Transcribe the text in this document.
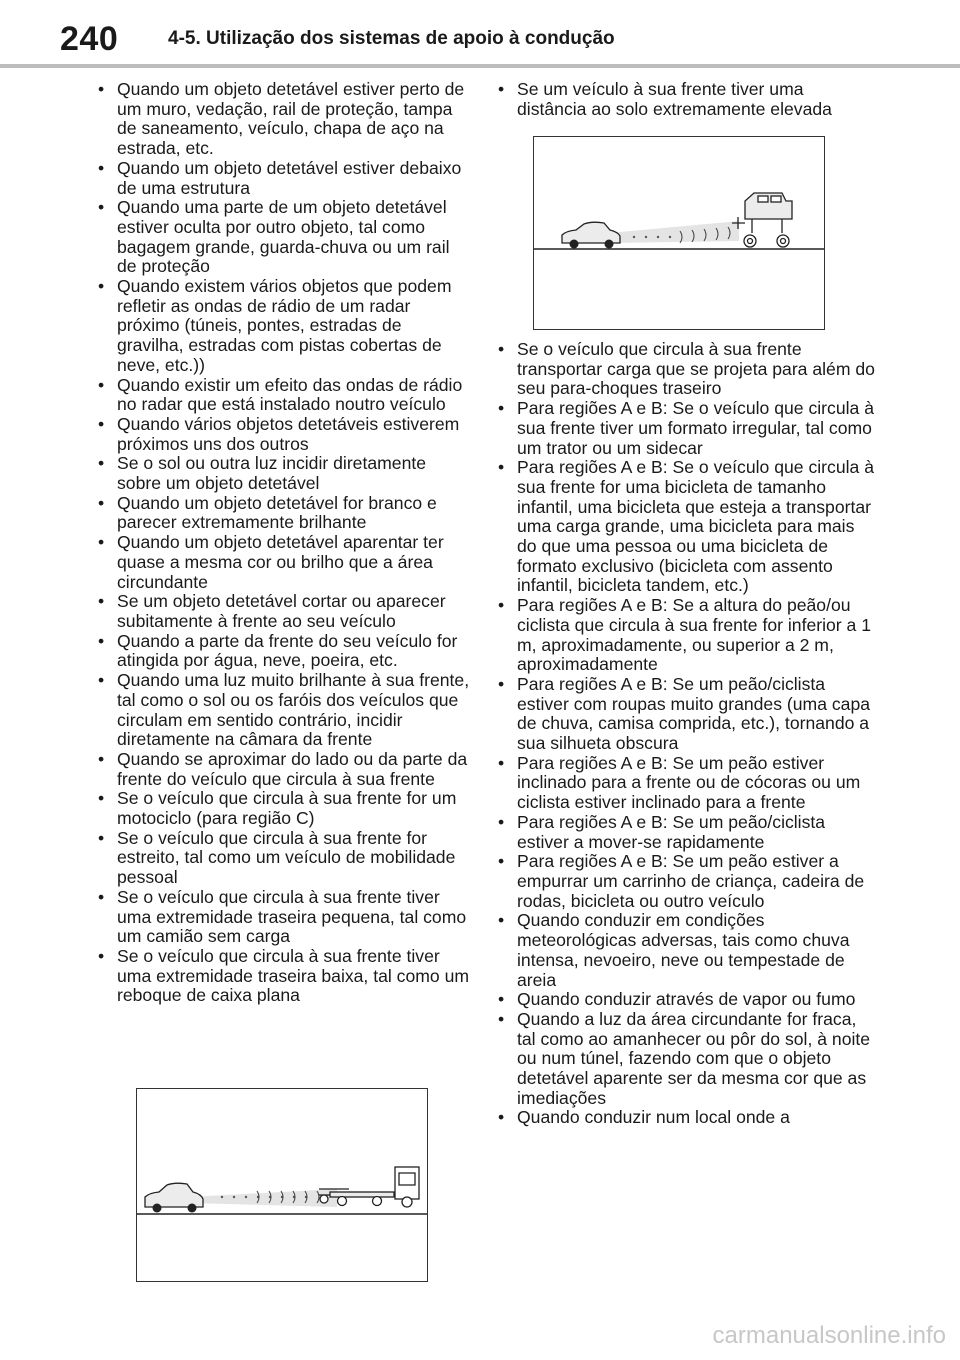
240	4-5. Utilização dos sistemas de apoio à condução
• Quando um objeto detetável estiver perto de um muro, vedação, rail de proteção, tampa de saneamento, veículo, chapa de aço na estrada, etc.
• Quando um objeto detetável estiver debaixo de uma estrutura
• Quando uma parte de um objeto detetável estiver oculta por outro objeto, tal como bagagem grande, guarda-chuva ou um rail de proteção
• Quando existem vários objetos que podem refletir as ondas de rádio de um radar próximo (túneis, pontes, estradas de gravilha, estradas com pistas cobertas de neve, etc.))
• Quando existir um efeito das ondas de rádio no radar que está instalado noutro veículo
• Quando vários objetos detetáveis estiverem próximos uns dos outros
• Se o sol ou outra luz incidir diretamente sobre um objeto detetável
• Quando um objeto detetável for branco e parecer extremamente brilhante
• Quando um objeto detetável aparentar ter quase a mesma cor ou brilho que a área circundante
• Se um objeto detetável cortar ou aparecer subitamente à frente ao seu veículo
• Quando a parte da frente do seu veículo for atingida por água, neve, poeira, etc.
• Quando uma luz muito brilhante à sua frente, tal como o sol ou os faróis dos veículos que circulam em sentido contrário, incidir diretamente na câmara da frente
• Quando se aproximar do lado ou da parte da frente do veículo que circula à sua frente
• Se o veículo que circula à sua frente for um motociclo (para região C)
• Se o veículo que circula à sua frente for estreito, tal como um veículo de mobilidade pessoal
• Se o veículo que circula à sua frente tiver uma extremidade traseira pequena, tal como um camião sem carga
• Se o veículo que circula à sua frente tiver uma extremidade traseira baixa, tal como um reboque de caixa plana
• Se um veículo à sua frente tiver uma distância ao solo extremamente elevada
• Se o veículo que circula à sua frente transportar carga que se projeta para além do seu para-choques traseiro
• Para regiões A e B: Se o veículo que circula à sua frente tiver um formato irregular, tal como um trator ou um sidecar
• Para regiões A e B: Se o veículo que circula à sua frente for uma bicicleta de tamanho infantil, uma bicicleta que esteja a transportar uma carga grande, uma bicicleta para mais do que uma pessoa ou uma bicicleta de formato exclusivo (bicicleta com assento infantil, bicicleta tandem, etc.)
• Para regiões A e B: Se a altura do peão/ou ciclista que circula à sua frente for inferior a 1 m, aproximadamente, ou superior a 2 m, aproximadamente
• Para regiões A e B: Se um peão/ciclista estiver com roupas muito grandes (uma capa de chuva, camisa comprida, etc.), tornando a sua silhueta obscura
• Para regiões A e B: Se um peão estiver inclinado para a frente ou de cócoras ou um ciclista estiver inclinado para a frente
• Para regiões A e B: Se um peão/ciclista estiver a mover-se rapidamente
• Para regiões A e B: Se um peão estiver a empurrar um carrinho de criança, cadeira de rodas, bicicleta ou outro veículo
• Quando conduzir em condições meteorológicas adversas, tais como chuva intensa, nevoeiro, neve ou tempestade de areia
• Quando conduzir através de vapor ou fumo
• Quando a luz da área circundante for fraca, tal como ao amanhecer ou pôr do sol, à noite ou num túnel, fazendo com que o objeto detetável aparente ser da mesma cor que as imediações
• Quando conduzir num local onde a
carmanualsonline.info
